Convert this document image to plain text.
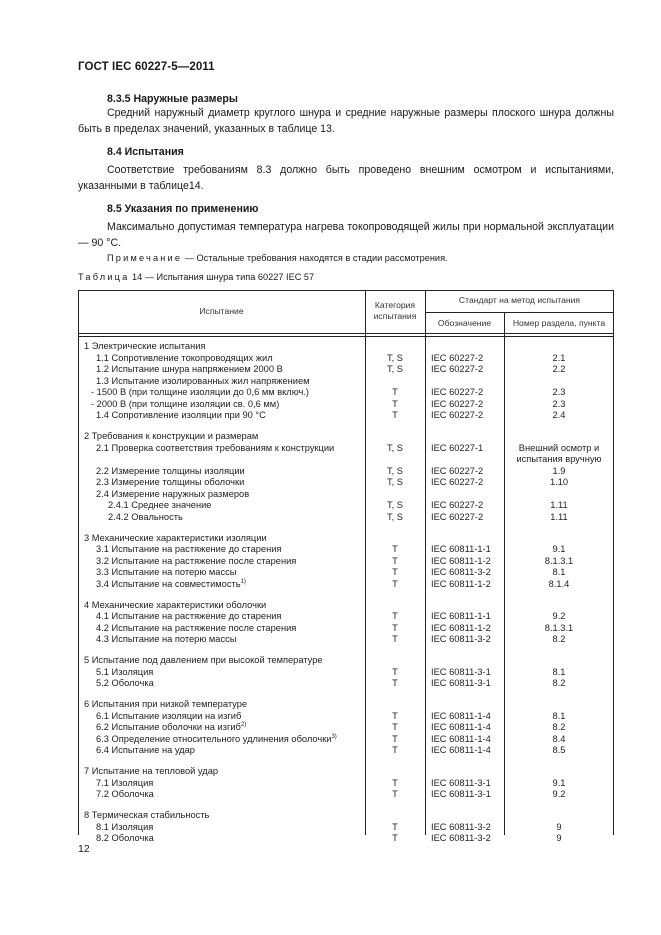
ГОСТ IEC 60227-5—2011
8.3.5 Наружные размеры
Средний наружный диаметр круглого шнура и средние наружные размеры плоского шнура должны быть в пределах значений, указанных в таблице 13.
8.4 Испытания
Соответствие требованиям 8.3 должно быть проведено внешним осмотром и испытаниями, указанными в таблице14.
8.5 Указания по применению
Максимально допустимая температура нагрева токопроводящей жилы при нормальной эксплуатации — 90 °C.
Примечание — Остальные требования находятся в стадии рассмотрения.
Таблица 14 — Испытания шнура типа 60227 IEC 57
Испытание
Категория
испытания
Стандарт на метод испытания
Обозначение	Номер раздела, пункта
1 Электрические испытания
1.1 Сопротивление токопроводящих жил	T, S	IEC 60227-2	2.1
1.2 Испытание шнура напряжением 2000 В	T, S	IEC 60227-2	2.2
1.3 Испытание изолированных жил напряжением
- 1500 В (при толщине изоляции до 0,6 мм включ.)	T	IEC 60227-2	2.3
- 2000 В (при толщине изоляции св. 0,6 мм)	T	IEC 60227-2	2.3
1.4 Сопротивление изоляции при 90 °C	T	IEC 60227-2	2.4
2 Требования к конструкции и размерам
2.1 Проверка соответствия требованиям к конструкции	T, S	IEC 60227-1	Внешний осмотр и
испытания вручную
2.2 Измерение толщины изоляции	T, S	IEC 60227-2	1.9
2.3 Измерение толщины оболочки	T, S	IEC 60227-2	1.10
2.4 Измерение наружных размеров
2.4.1 Среднее значение	T, S	IEC 60227-2	1.11
2.4.2 Овальность	T, S	IEC 60227-2	1.11
3 Механические характеристики изоляции
3.1 Испытание на растяжение до старения	T	IEC 60811-1-1	9.1
3.2 Испытание на растяжение после старения	T	IEC 60811-1-2	8.1.3.1
3.3 Испытание на потерю массы	T	IEC 60811-3-2	8.1
3.4 Испытание на совместимость$^{1)}$	T	IEC 60811-1-2	8.1.4
4 Механические характеристики оболочки
4.1 Испытание на растяжение до старения	T	IEC 60811-1-1	9.2
4.2 Испытание на растяжение после старения	T	IEC 60811-1-2	8.1.3.1
4.3 Испытание на потерю массы	T	IEC 60811-3-2	8.2
5 Испытание под давлением при высокой температуре
5.1 Изоляция	T	IEC 60811-3-1	8.1
5.2 Оболочка	T	IEC 60811-3-1	8.2
6 Испытания при низкой температуре
6.1 Испытание изоляции на изгиб	T	IEC 60811-1-4	8.1
6.2 Испытание оболочки на изгиб$^{2)}$	T	IEC 60811-1-4	8.2
6.3 Определение относительного удлинения оболочки$^{3)}$	T	IEC 60811-1-4	8.4
6.4 Испытание на удар	T	IEC 60811-1-4	8.5
7 Испытание на тепловой удар
7.1 Изоляция	T	IEC 60811-3-1	9.1
7.2 Оболочка	T	IEC 60811-3-1	9.2
8 Термическая стабильность
8.1 Изоляция	T	IEC 60811-3-2	9
8.2 Оболочка	T	IEC 60811-3-2	9
12
